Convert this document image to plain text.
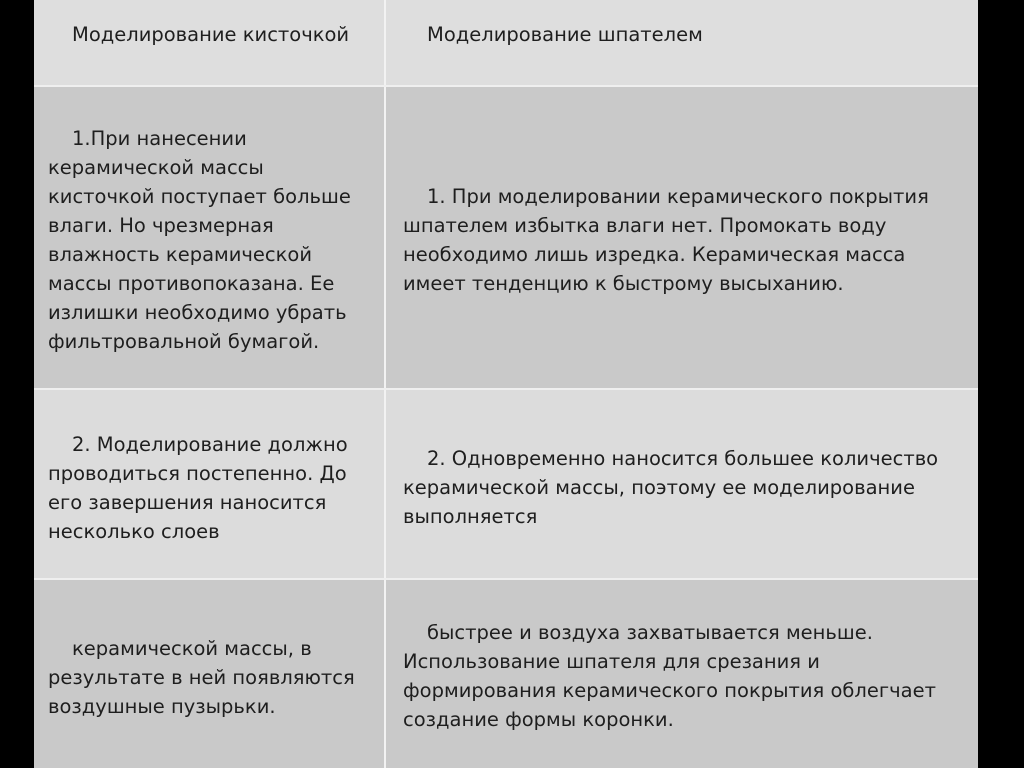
Моделирование кисточкой	Моделирование шпателем

1.При нанесении керамической массы кисточкой поступает больше влаги. Но чрезмерная влажность керамической массы противопоказана. Ее излишки необходимо убрать фильтровальной бумагой.

1. При моделировании керамического покрытия шпателем избытка влаги нет. Промокать воду необходимо лишь изредка. Керамическая масса имеет тенденцию к быстрому высыханию.

2. Моделирование должно проводиться постепенно. До его завершения наносится несколько слоев

2. Одновременно наносится большее количество керамической массы, поэтому ее моделирование выполняется

керамической массы, в результате в ней появляются воздушные пузырьки.

быстрее и воздуха захватывается меньше. Использование шпателя для срезания и формирования керамического покрытия облегчает создание формы коронки.
